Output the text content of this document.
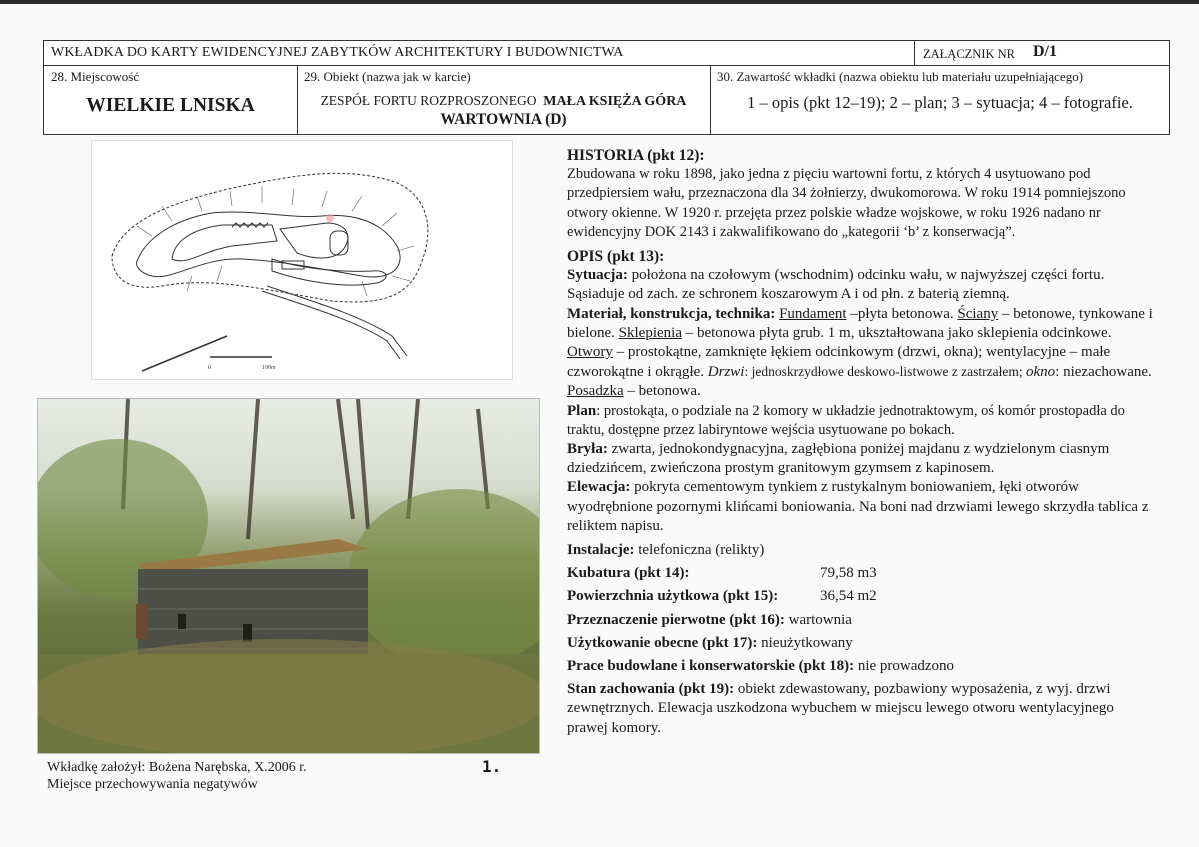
WKŁADKA DO KARTY EWIDENCYJNEJ ZABYTKÓW ARCHITEKTURY I BUDOWNICTWA	ZAŁĄCZNIK NR D/1
28. Miejscowość
WIELKIE LNISKA
29. Obiekt (nazwa jak w karcie)
ZESPÓŁ FORTU ROZPROSZONEGO MAŁA KSIĘŻA GÓRA
WARTOWNIA (D)
30. Zawartość wkładki (nazwa obiektu lub materiału uzupełniającego)
1 – opis (pkt 12–19); 2 – plan; 3 – sytuacja; 4 – fotografie.
0	100m
Wkładkę założył: Bożena Narębska, X.2006 r.
Miejsce przechowywania negatywów
1.
HISTORIA (pkt 12):

Zbudowana w roku 1898, jako jedna z pięciu wartowni fortu, z których 4 usytuowano pod przedpiersiem wału, przeznaczona dla 34 żołnierzy, dwukomorowa. W roku 1914 pomniejszono otwory okienne. W 1920 r. przejęta przez polskie władze wojskowe, w roku 1926 nadano nr ewidencyjny DOK 2143 i zakwalifikowano do „kategorii ‘b’ z konserwacją”.

OPIS (pkt 13):

Sytuacja: położona na czołowym (wschodnim) odcinku wału, w najwyższej części fortu. Sąsiaduje od zach. ze schronem koszarowym A i od płn. z baterią ziemną.

Materiał, konstrukcja, technika: Fundament –płyta betonowa. Ściany – betonowe, tynkowane i bielone. Sklepienia – betonowa płyta grub. 1 m, ukształtowana jako sklepienia odcinkowe. Otwory – prostokątne, zamknięte łękiem odcinkowym (drzwi, okna); wentylacyjne – małe czworokątne i okrągłe. Drzwi: jednoskrzydłowe deskowo-listwowe z zastrzałem; okno: niezachowane. Posadzka – betonowa.

Plan: prostokąta, o podziale na 2 komory w układzie jednotraktowym, oś komór prostopadła do traktu, dostępne przez labiryntowe wejścia usytuowane po bokach.

Bryła: zwarta, jednokondygnacyjna, zagłębiona poniżej majdanu z wydzielonym ciasnym dziedzińcem, zwieńczona prostym granitowym gzymsem z kapinosem.

Elewacja: pokryta cementowym tynkiem z rustykalnym boniowaniem, łęki otworów wyodrębnione pozornymi klińcami boniowania. Na boni nad drzwiami lewego skrzydła tablica z reliktem napisu.

Instalacje: telefoniczna (relikty)

Kubatura (pkt 14):	79,58 m3
Powierzchnia użytkowa (pkt 15):	36,54 m2
Przeznaczenie pierwotne (pkt 16): wartownia
Użytkowanie obecne (pkt 17): nieużytkowany
Prace budowlane i konserwatorskie (pkt 18): nie prowadzono

Stan zachowania (pkt 19): obiekt zdewastowany, pozbawiony wyposażenia, z wyj. drzwi zewnętrznych. Elewacja uszkodzona wybuchem w miejscu lewego otworu wentylacyjnego prawej komory.
